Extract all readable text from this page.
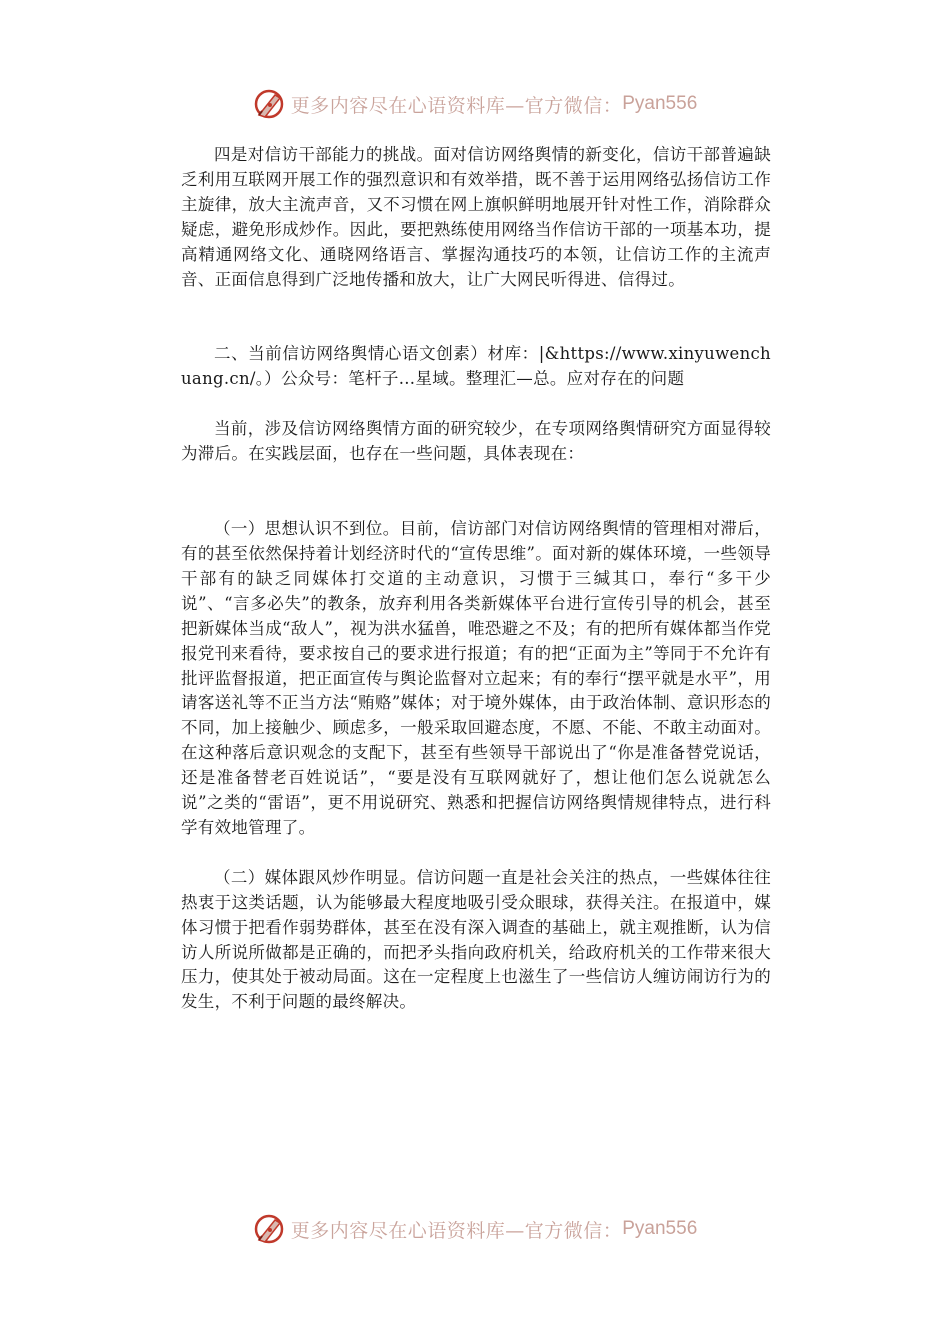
更多内容尽在心语资料库—官方微信： Pyan556

四是对信访干部能力的挑战。面对信访网络舆情的新变化，信访干部普遍缺乏利用互联网开展工作的强烈意识和有效举措，既不善于运用网络弘扬信访工作主旋律，放大主流声音，又不习惯在网上旗帜鲜明地展开针对性工作，消除群众疑虑，避免形成炒作。因此，要把熟练使用网络当作信访干部的一项基本功，提高精通网络文化、通晓网络语言、掌握沟通技巧的本领，让信访工作的主流声音、正面信息得到广泛地传播和放大，让广大网民听得进、信得过。

二、当前信访网络舆情心语文创素）材库：|&https://www.xinyuwenchuang.cn/。）公众号：笔杆子…星域。整理汇—总。应对存在的问题

当前，涉及信访网络舆情方面的研究较少，在专项网络舆情研究方面显得较为滞后。在实践层面，也存在一些问题，具体表现在：

（一）思想认识不到位。目前，信访部门对信访网络舆情的管理相对滞后，有的甚至依然保持着计划经济时代的“宣传思维”。面对新的媒体环境，一些领导干部有的缺乏同媒体打交道的主动意识，习惯于三缄其口，奉行“多干少说”、“言多必失”的教条，放弃利用各类新媒体平台进行宣传引导的机会，甚至把新媒体当成“敌人”，视为洪水猛兽，唯恐避之不及；有的把所有媒体都当作党报党刊来看待，要求按自己的要求进行报道；有的把“正面为主”等同于不允许有批评监督报道，把正面宣传与舆论监督对立起来；有的奉行“摆平就是水平”，用请客送礼等不正当方法“贿赂”媒体；对于境外媒体，由于政治体制、意识形态的不同，加上接触少、顾虑多，一般采取回避态度，不愿、不能、不敢主动面对。在这种落后意识观念的支配下，甚至有些领导干部说出了“你是准备替党说话，还是准备替老百姓说话”，“要是没有互联网就好了，想让他们怎么说就怎么说”之类的“雷语”，更不用说研究、熟悉和把握信访网络舆情规律特点，进行科学有效地管理了。

（二）媒体跟风炒作明显。信访问题一直是社会关注的热点，一些媒体往往热衷于这类话题，认为能够最大程度地吸引受众眼球，获得关注。在报道中，媒体习惯于把看作弱势群体，甚至在没有深入调查的基础上，就主观推断，认为信访人所说所做都是正确的，而把矛头指向政府机关，给政府机关的工作带来很大压力，使其处于被动局面。这在一定程度上也滋生了一些信访人缠访闹访行为的发生，不利于问题的最终解决。

更多内容尽在心语资料库—官方微信： Pyan556
